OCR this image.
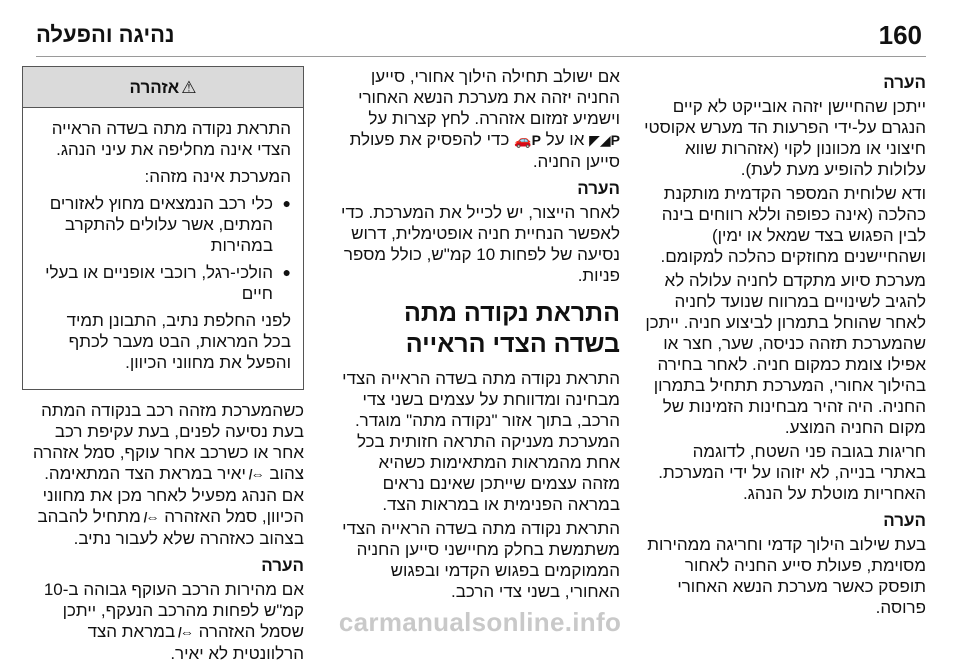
160
נהיגה והפעלה

הערה

ייתכן שהחיישן יזהה אובייקט לא קיים הנגרם על-ידי הפרעות הד מערש אקוסטי חיצוני או מכוונון לקוי (אזהרות שווא עלולות להופיע מעת לעת).

ודא שלוחית המספר הקדמית מותקנת כהלכה (אינה כפופה וללא רווחים בינה לבין הפגוש בצד שמאל או ימין) ושהחיישנים מחוזקים כהלכה למקומם.

מערכת סיוע מתקדם לחניה עלולה לא להגיב לשינויים במרווח שנועד לחניה לאחר שהוחל בתמרון לביצוע חניה. ייתכן שהמערכת תזהה כניסה, שער, חצר או אפילו צומת כמקום חניה. לאחר בחירה בהילוך אחורי, המערכת תתחיל בתמרון החניה. היה זהיר מבחינות הזמינות של מקום החניה המוצע.

חריגות בגובה פני השטח, לדוגמה באתרי בנייה, לא יזוהו על ידי המערכת. האחריות מוטלת על הנהג.

הערה

בעת שילוב הילוך קדמי וחריגה ממהירות מסוימת, פעולת סייע החניה לאחור תופסק כאשר מערכת הנשא האחורי פרוסה.

אם ישולב תחילה הילוך אחורי, סייען החניה יזהה את מערכת הנשא האחורי וישמיע זמזום אזהרה. לחץ קצרות על P◢◤ או על P🚗 כדי להפסיק את פעולת סייען החניה.

הערה

לאחר הייצור, יש לכייל את המערכת. כדי לאפשר הנחיית חניה אופטימלית, דרוש נסיעה של לפחות 10 קמ"ש, כולל מספר פניות.

התראת נקודה מתה בשדה הצדי הראייה

התראת נקודה מתה בשדה הראייה הצדי מבחינה ומדווחת על עצמים בשני צדי הרכב, בתוך אזור "נקודה מתה" מוגדר. המערכת מעניקה התראה חזותית בכל אחת מהמראות המתאימות כשהיא מזהה עצמים שייתכן שאינם נראים במראה הפנימית או במראות הצד.

התראת נקודה מתה בשדה הראייה הצדי משתמשת בחלק מחיישני סייען החניה הממוקמים בפגוש הקדמי ובפגוש האחורי, בשני צדי הרכב.

⚠
אזהרה

התראת נקודה מתה בשדה הראייה הצדי אינה מחליפה את עיני הנהג.

המערכת אינה מזהה:

● כלי רכב הנמצאים מחוץ לאזורים המתים, אשר עלולים להתקרב במהירות
● הולכי-רגל, רוכבי אופניים או בעלי חיים

לפני החלפת נתיב, התבונן תמיד בכל המראות, הבט מעבר לכתף והפעל את מחווני הכיוון.

כשהמערכת מזהה רכב בנקודה המתה בעת נסיעה לפנים, בעת עקיפת רכב אחר או כשרכב אחר עוקף, סמל אזהרה צהוב ⇎ יאיר במראת הצד המתאימה. אם הנהג מפעיל לאחר מכן את מחווני הכיוון, סמל האזהרה ⇎ מתחיל להבהב בצהוב כאזהרה שלא לעבור נתיב.

הערה

אם מהירות הרכב העוקף גבוהה ב-10 קמ"ש לפחות מהרכב הנעקף, ייתכן שסמל האזהרה ⇎ במראת הצד הרלוונטית לא יאיר.

carmanualsonline.info
